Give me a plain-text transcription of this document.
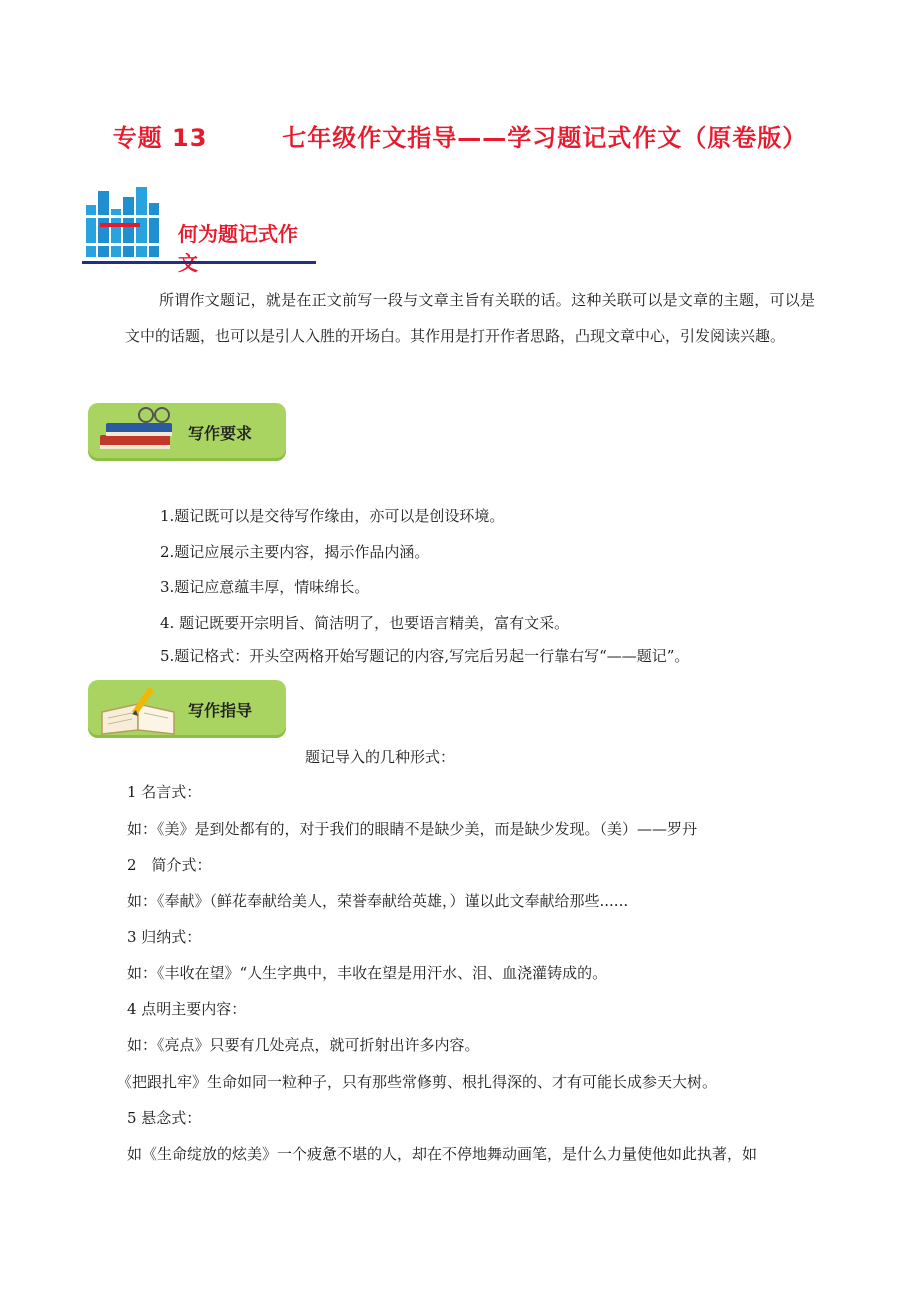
专题 13        七年级作文指导——学习题记式作文（原卷版）
何为题记式作文
所谓作文题记，就是在正文前写一段与文章主旨有关联的话。这种关联可以是文章的主题，可以是文中的话题，也可以是引人入胜的开场白。其作用是打开作者思路，凸现文章中心，引发阅读兴趣。
写作要求
1.题记既可以是交待写作缘由，亦可以是创设环境。
2.题记应展示主要内容，揭示作品内涵。
3.题记应意蕴丰厚，情味绵长。
4. 题记既要开宗明旨、简洁明了，也要语言精美，富有文采。
5.题记格式：开头空两格开始写题记的内容,写完后另起一行靠右写“——题记”。
写作指导
题记导入的几种形式：
1 名言式：
如：《美》是到处都有的，对于我们的眼睛不是缺少美，而是缺少发现。（美）——罗丹
2　简介式：
如：《奉献》（鲜花奉献给美人，荣誉奉献给英雄，）谨以此文奉献给那些......
3 归纳式：
如：《丰收在望》“人生字典中，丰收在望是用汗水、泪、血浇灌铸成的。
4 点明主要内容：
如：《亮点》只要有几处亮点，就可折射出许多内容。
《把跟扎牢》生命如同一粒种子，只有那些常修剪、根扎得深的、才有可能长成参天大树。
5 悬念式：
如《生命绽放的炫美》一个疲惫不堪的人，却在不停地舞动画笔，是什么力量使他如此执著，如
